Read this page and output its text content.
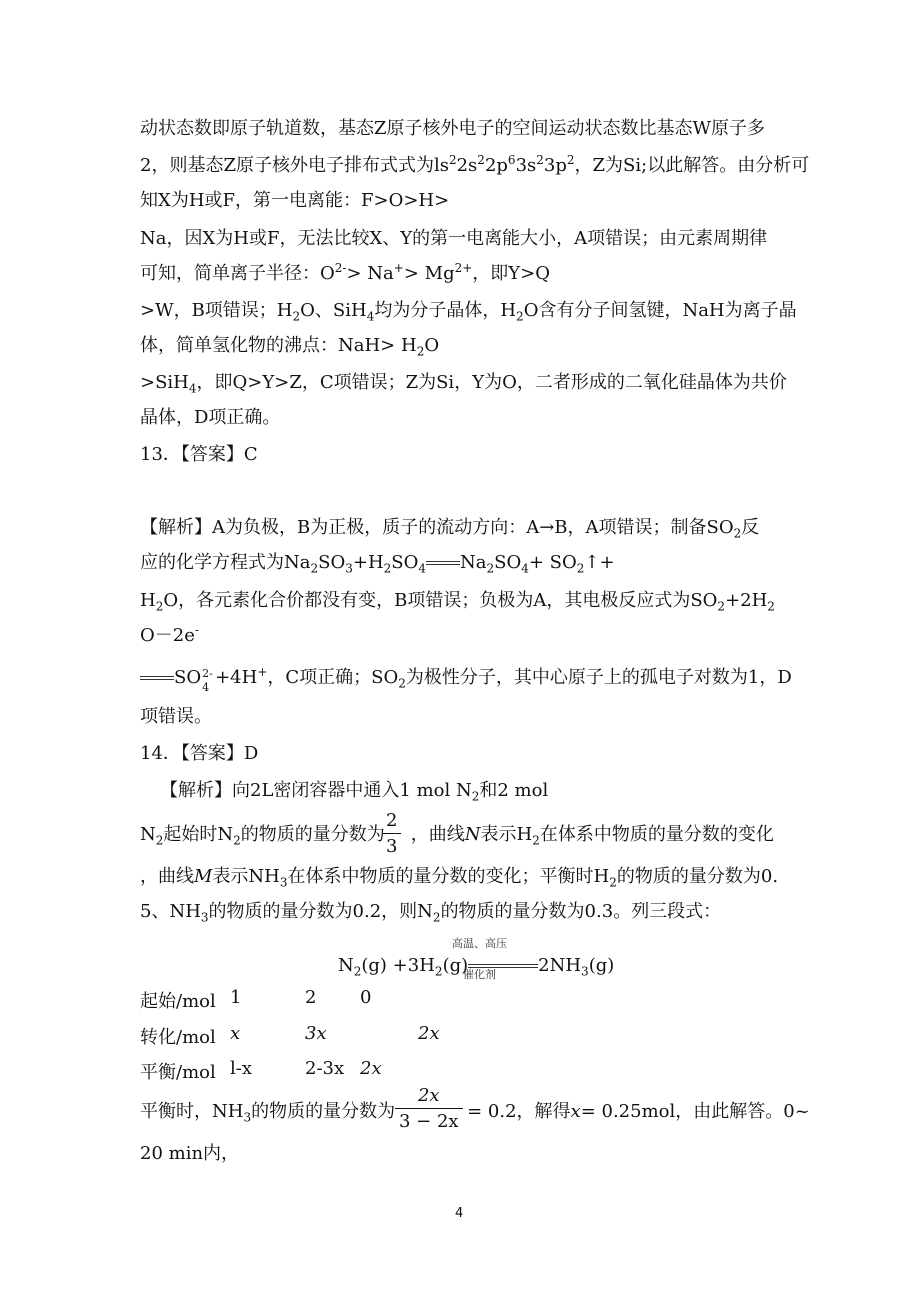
动状态数即原子轨道数，基态Z原子核外电子的空间运动状态数比基态W原子多
2，则基态Z原子核外电子排布式式为$ls^22s^22p^63s^23p^2$，Z为Si;以此解答。由分析可
知X为H或F，第一电离能：F>O>H>
Na，因X为H或F，无法比较X、Y的第一电离能大小，A项错误；由元素周期律
可知，简单离子半径：$O^{2-}> Na^+> Mg^{2+}$，即Y>Q
>W，B项错误；$H_2O$、SiH$_4$均为分子晶体，$H_2O$含有分子间氢键，NaH为离子晶
体，简单氢化物的沸点：$NaH> H_2O$
>SiH$_4$，即Q>Y>Z，C项错误；Z为Si，Y为O，二者形成的二氧化硅晶体为共价
晶体，D项正确。
13．【答案】C
【解析】A为负极，B为正极，质子的流动方向：A→B，A项错误；制备$SO_2$反
应的化学方程式为$Na_2SO_3+H_2SO_4$ $Na_2SO_4+$ $SO_2↑+$
$H_2O$，各元素化合价都没有变，B项错误；负极为A，其电极反应式为$SO_2+2H_2$
O－2e-
SO 2-
4 +4H+，C项正确；$SO_2$为极性分子，其中心原子上的孤电子对数为1，D
项错误。
14．【答案】D
【解析】向2L密闭容器中通入1 mol $N_2$和2 mol
$N_2$起始时$N_2$的物质的量分数为 ，曲线N表示$H_2$在体系中物质的量分数的变化
2
3
，曲线M表示$NH_3$在体系中物质的量分数的变化；平衡时$H_2$的物质的量分数为0.
5、$NH_3$的物质的量分数为0.2，则$N_2$的物质的量分数为0.3。列三段式：
$N_2(g) +3H_2(g)$	$2NH_3(g)$
高温、高压
催化剂
起始/mol 1	2 0
转化/mol x	3x	2x
平衡/mol l-x	2-3x 2x
平衡时，$NH_3$的物质的量分数为	= 0.2，解得x= 0.25mol，由此解答。0~
2x
3 − 2x
20 min内，
4
